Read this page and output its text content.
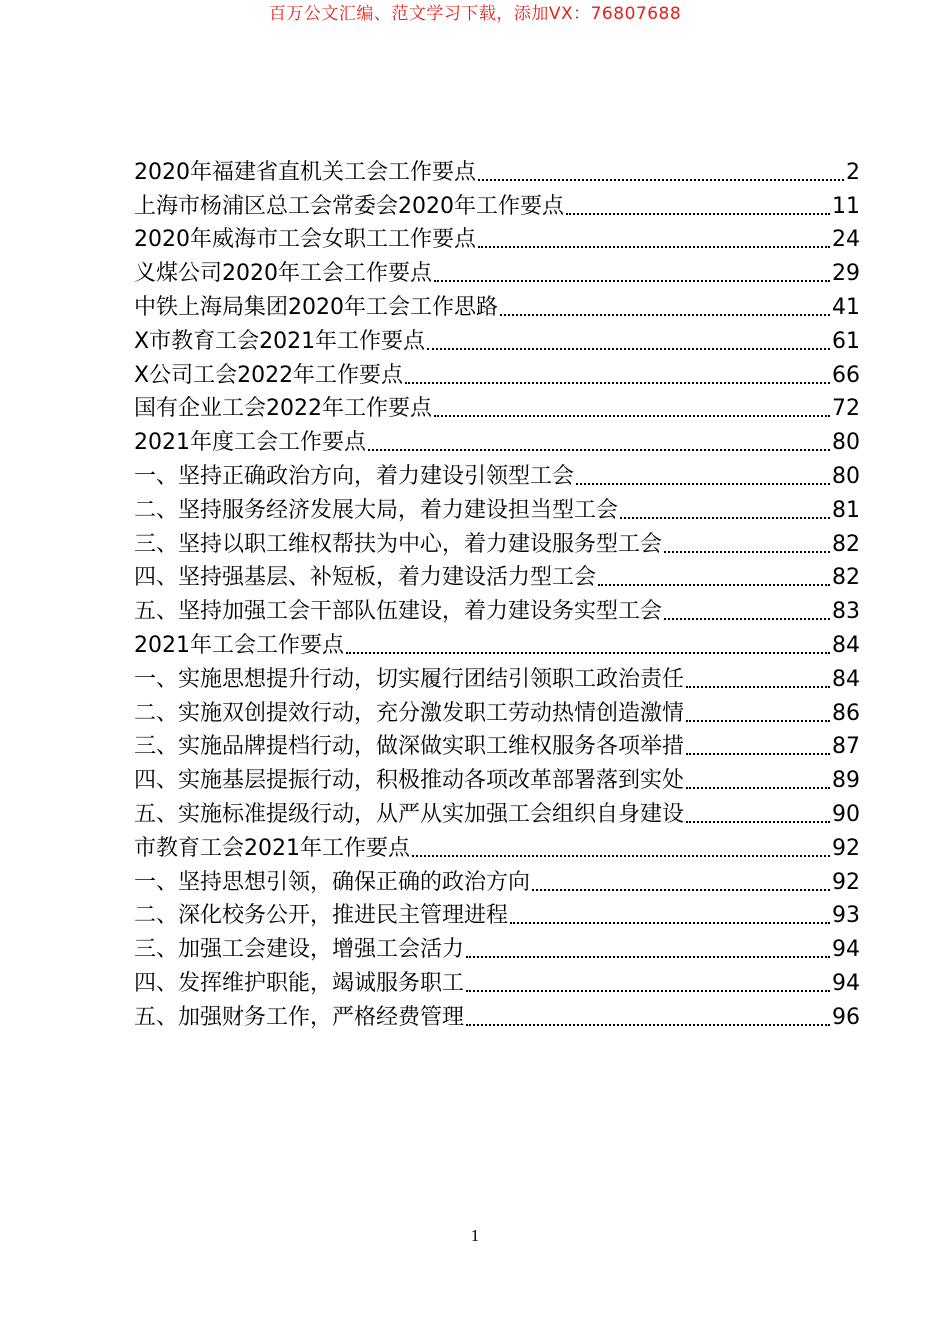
百万公文汇编、范文学习下载，添加VX：76807688
2020年福建省直机关工会工作要点	2
上海市杨浦区总工会常委会2020年工作要点	11
2020年威海市工会女职工工作要点	24
义煤公司2020年工会工作要点	29
中铁上海局集团2020年工会工作思路	41
X市教育工会2021年工作要点	61
X公司工会2022年工作要点	66
国有企业工会2022年工作要点	72
2021年度工会工作要点	80
一、坚持正确政治方向，着力建设引领型工会	80
二、坚持服务经济发展大局，着力建设担当型工会	81
三、坚持以职工维权帮扶为中心，着力建设服务型工会	82
四、坚持强基层、补短板，着力建设活力型工会	82
五、坚持加强工会干部队伍建设，着力建设务实型工会	83
2021年工会工作要点	84
一、实施思想提升行动，切实履行团结引领职工政治责任	84
二、实施双创提效行动，充分激发职工劳动热情创造激情	86
三、实施品牌提档行动，做深做实职工维权服务各项举措	87
四、实施基层提振行动，积极推动各项改革部署落到实处	89
五、实施标准提级行动，从严从实加强工会组织自身建设	90
市教育工会2021年工作要点	92
一、坚持思想引领，确保正确的政治方向	92
二、深化校务公开，推进民主管理进程	93
三、加强工会建设，增强工会活力	94
四、发挥维护职能，竭诚服务职工	94
五、加强财务工作，严格经费管理	96
1
